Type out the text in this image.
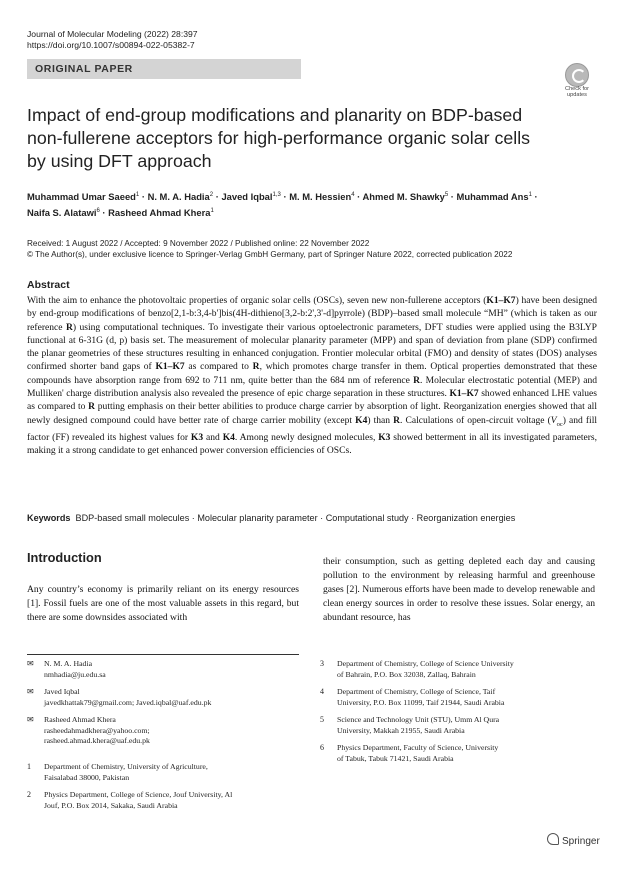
Journal of Molecular Modeling (2022) 28:397
https://doi.org/10.1007/s00894-022-05382-7
ORIGINAL PAPER
Check for
updates
Impact of end-group modifications and planarity on BDP-based
non-fullerene acceptors for high-performance organic solar cells
by using DFT approach
Muhammad Umar Saeed$^1$ · N. M. A. Hadia$^2$ · Javed Iqbal$^{1,3}$ · M. M. Hessien$^4$ · Ahmed M. Shawky$^5$ · Muhammad Ans$^1$ ·
Naifa S. Alatawi$^6$ · Rasheed Ahmad Khera$^1$
Received: 1 August 2022 / Accepted: 9 November 2022 / Published online: 22 November 2022
© The Author(s), under exclusive licence to Springer-Verlag GmbH Germany, part of Springer Nature 2022, corrected publication 2022
Abstract
With the aim to enhance the photovoltaic properties of organic solar cells (OSCs), seven new non-fullerene acceptors (K1–K7) have been designed by end-group modifications of benzo[2,1-b:3,4-b']bis(4H-dithieno[3,2-b:2',3'-d]pyrrole) (BDP)–based small molecule “MH” (which is taken as our reference R) using computational techniques. To investigate their various optoelectronic parameters, DFT studies were applied using the B3LYP functional at 6-31G (d, p) basis set. The measurement of molecular planarity parameter (MPP) and span of deviation from plane (SDP) confirmed the planar geometries of these structures resulting in enhanced conjugation. Frontier molecular orbital (FMO) and density of states (DOS) analyses confirmed shorter band gaps of K1–K7 as compared to R, which promotes charge transfer in them. Optical properties demonstrated that these compounds have absorption range from 692 to 711 nm, quite better than the 684 nm of reference R. Molecular electrostatic potential (MEP) and Mulliken' charge distribution analysis also revealed the presence of epic charge separation in these structures. K1–K7 showed enhanced LHE values as compared to R putting emphasis on their better abilities to produce charge carrier by absorption of light. Reorganization energies showed that all newly designed compound could have better rate of charge carrier mobility (except K4) than R. Calculations of open-circuit voltage $(V_{oc})$ and fill factor (FF) revealed its highest values for K3 and K4. Among newly designed molecules, K3 showed betterment in all its investigated parameters, making it a strong candidate to get enhanced power conversion efficiencies of OSCs.
Keywords BDP-based small molecules · Molecular planarity parameter · Computational study · Reorganization energies
Introduction
Any country’s economy is primarily reliant on its energy resources [1]. Fossil fuels are one of the most valuable assets in this regard, but there are some downsides associated with
their consumption, such as getting depleted each day and causing pollution to the environment by releasing harmful and greenhouse gases [2]. Numerous efforts have been made to develop renewable and clean energy sources in order to resolve these issues. Solar energy, an abundant resource, has
✉ N. M. A. Hadia
nmhadia@ju.edu.sa
✉ Javed Iqbal
javedkhattak79@gmail.com; Javed.iqbal@uaf.edu.pk
✉ Rasheed Ahmad Khera
rasheedahmadkhera@yahoo.com;
rasheed.ahmad.khera@uaf.edu.pk
1 Department of Chemistry, University of Agriculture,
Faisalabad 38000, Pakistan
2 Physics Department, College of Science, Jouf University, Al
Jouf, P.O. Box 2014, Sakaka, Saudi Arabia
3 Department of Chemistry, College of Science University
of Bahrain, P.O. Box 32038, Zallaq, Bahrain
4 Department of Chemistry, College of Science, Taif
University, P.O. Box 11099, Taif 21944, Saudi Arabia
5 Science and Technology Unit (STU), Umm Al Qura
University, Makkah 21955, Saudi Arabia
6 Physics Department, Faculty of Science, University
of Tabuk, Tabuk 71421, Saudi Arabia
Springer
